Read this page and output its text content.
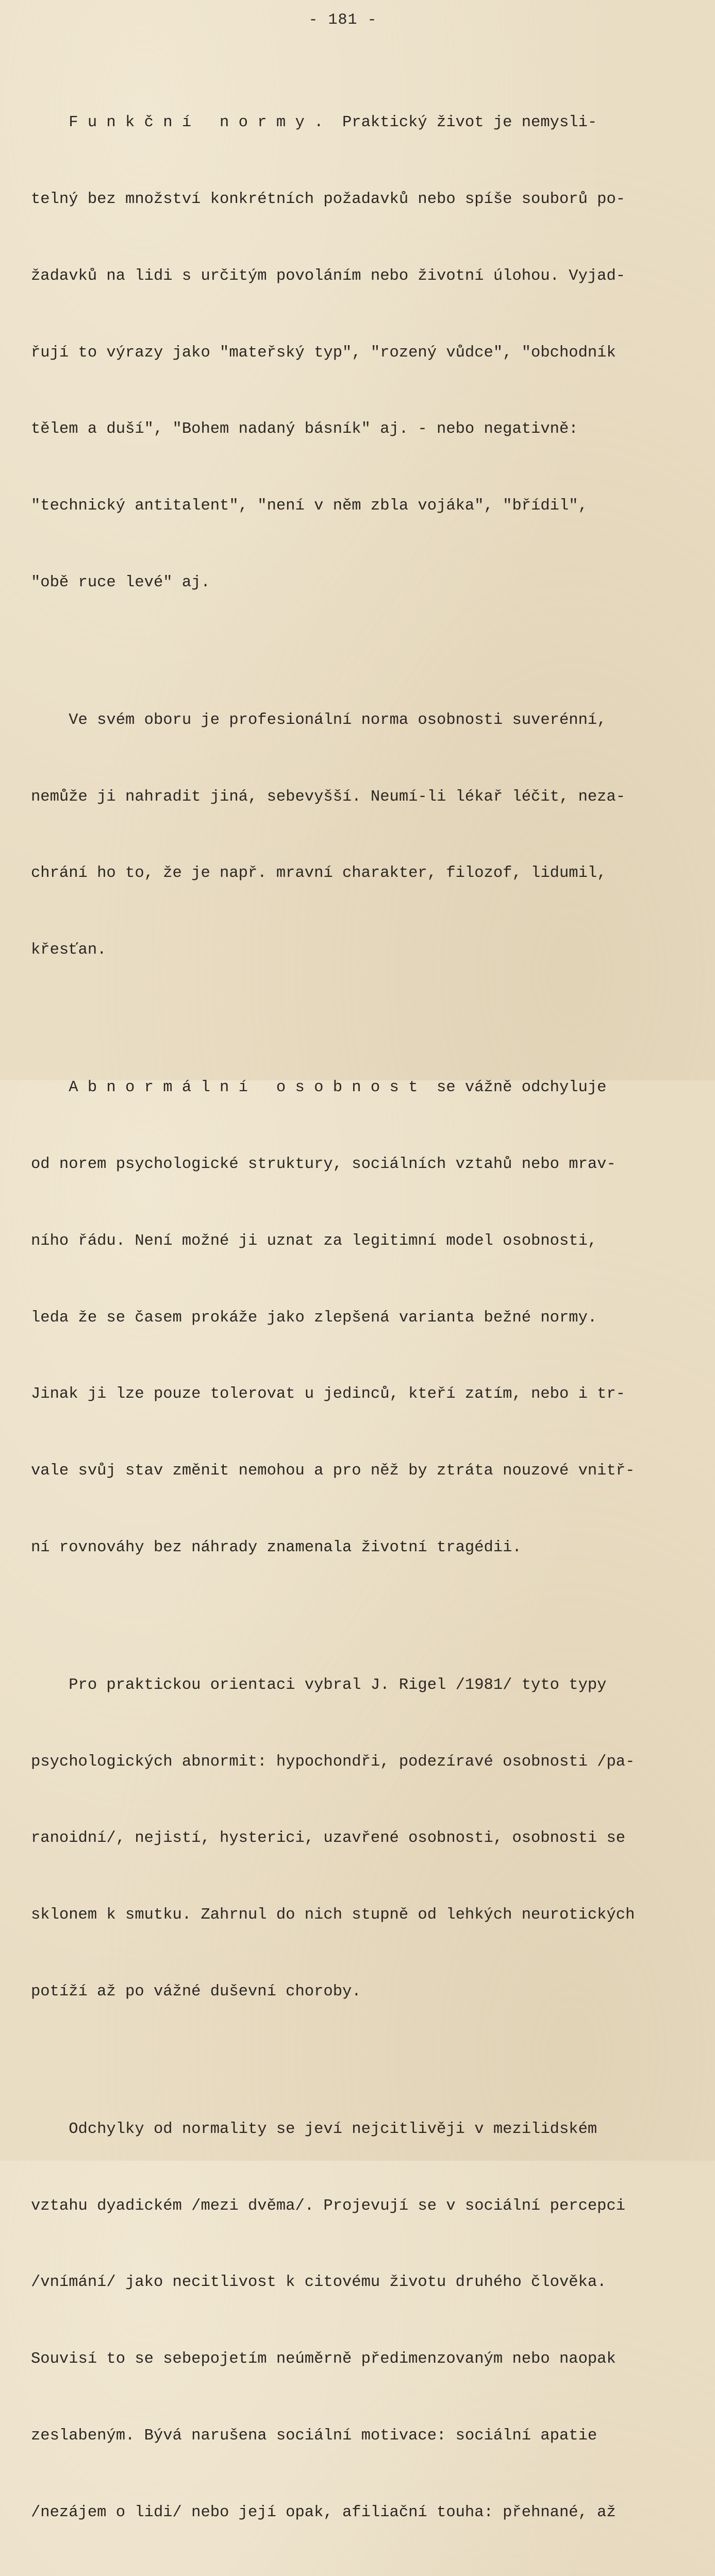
- 181 -

F u n k č n í   n o r m y .  Praktický život je nemysli-

telný bez množství konkrétních požadavků nebo spíše souborů po-

žadavků na lidi s určitým povoláním nebo životní úlohou. Vyjad-

řují to výrazy jako "mateřský typ", "rozený vůdce", "obchodník

tělem a duší", "Bohem nadaný básník" aj. - nebo negativně:

"technický antitalent", "není v něm zbla vojáka", "břídil",

"obě ruce levé" aj.

Ve svém oboru je profesionální norma osobnosti suverénní,

nemůže ji nahradit jiná, sebevyšší. Neumí-li lékař léčit, neza-

chrání ho to, že je např. mravní charakter, filozof, lidumil,

křesťan.

A b n o r m á l n í   o s o b n o s t  se vážně odchyluje

od norem psychologické struktury, sociálních vztahů nebo mrav-

ního řádu. Není možné ji uznat za legitimní model osobnosti,

leda že se časem prokáže jako zlepšená varianta bežné normy.

Jinak ji lze pouze tolerovat u jedinců, kteří zatím, nebo i tr-

vale svůj stav změnit nemohou a pro něž by ztráta nouzové vnitř-

ní rovnováhy bez náhrady znamenala životní tragédii.

Pro praktickou orientaci vybral J. Rigel /1981/ tyto typy

psychologických abnormit: hypochondři, podezíravé osobnosti /pa-

ranoidní/, nejistí, hysterici, uzavřené osobnosti, osobnosti se

sklonem k smutku. Zahrnul do nich stupně od lehkých neurotických

potíží až po vážné duševní choroby.

Odchylky od normality se jeví nejcitlivěji v mezilidském

vztahu dyadickém /mezi dvěma/. Projevují se v sociální percepci

/vnímání/ jako necitlivost k citovému životu druhého člověka.

Souvisí to se sebepojetím neúměrně předimenzovaným nebo naopak

zeslabeným. Bývá narušena sociální motivace: sociální apatie

/nezájem o lidi/ nebo její opak, afiliační touha: přehnané, až
